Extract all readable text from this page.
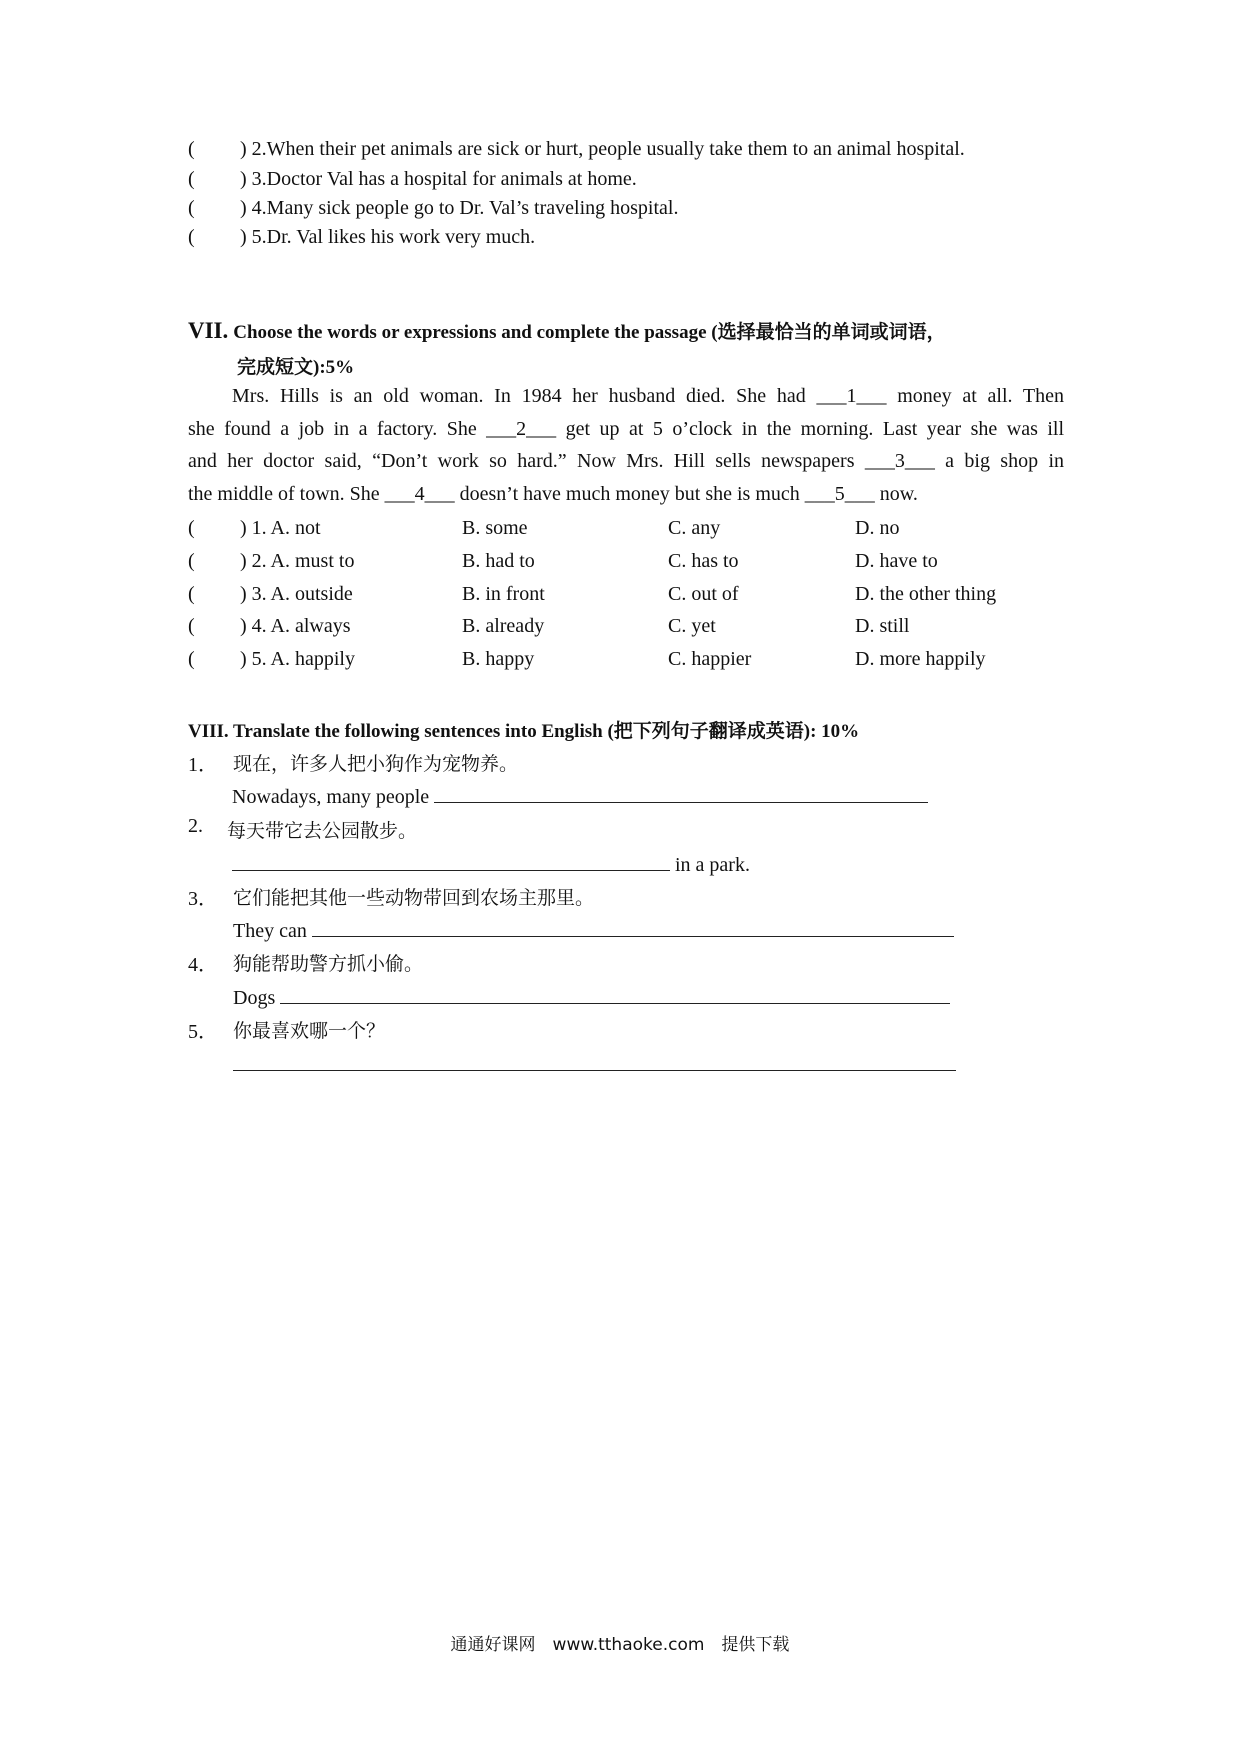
( ) 2.When their pet animals are sick or hurt, people usually take them to an animal hospital.
( ) 3.Doctor Val has a hospital for animals at home.
( ) 4.Many sick people go to Dr. Val’s traveling hospital.
( ) 5.Dr. Val likes his work very much.
VII. Choose the words or expressions and complete the passage (选择最恰当的单词或词语，
完成短文):5%
Mrs. Hills is an old woman. In 1984 her husband died. She had ___1___ money at all. Then
she found a job in a factory. She ___2___ get up at 5 o’clock in the morning. Last year she was ill
and her doctor said, “Don’t work so hard.” Now Mrs. Hill sells newspapers ___3___ a big shop in
the middle of town. She ___4___ doesn’t have much money but she is much ___5___ now.
( ) 1. A. not	B. some	C. any	D. no
( ) 2. A. must to	B. had to	C. has to	D. have to
( ) 3. A. outside	B. in front	C. out of	D. the other thing
( ) 4. A. always	B. already	C. yet	D. still
( ) 5. A. happily	B. happy	C. happier	D. more happily
VIII. Translate the following sentences into English (把下列句子翻译成英语): 10%
1． 现在，许多人把小狗作为宠物养。
Nowadays, many people
2. 每天带它去公园散步。
in a park.
3． 它们能把其他一些动物带回到农场主那里。
They can
4． 狗能帮助警方抓小偷。
Dogs
5． 你最喜欢哪一个？
通通好课网　www.tthaoke.com　提供下载
